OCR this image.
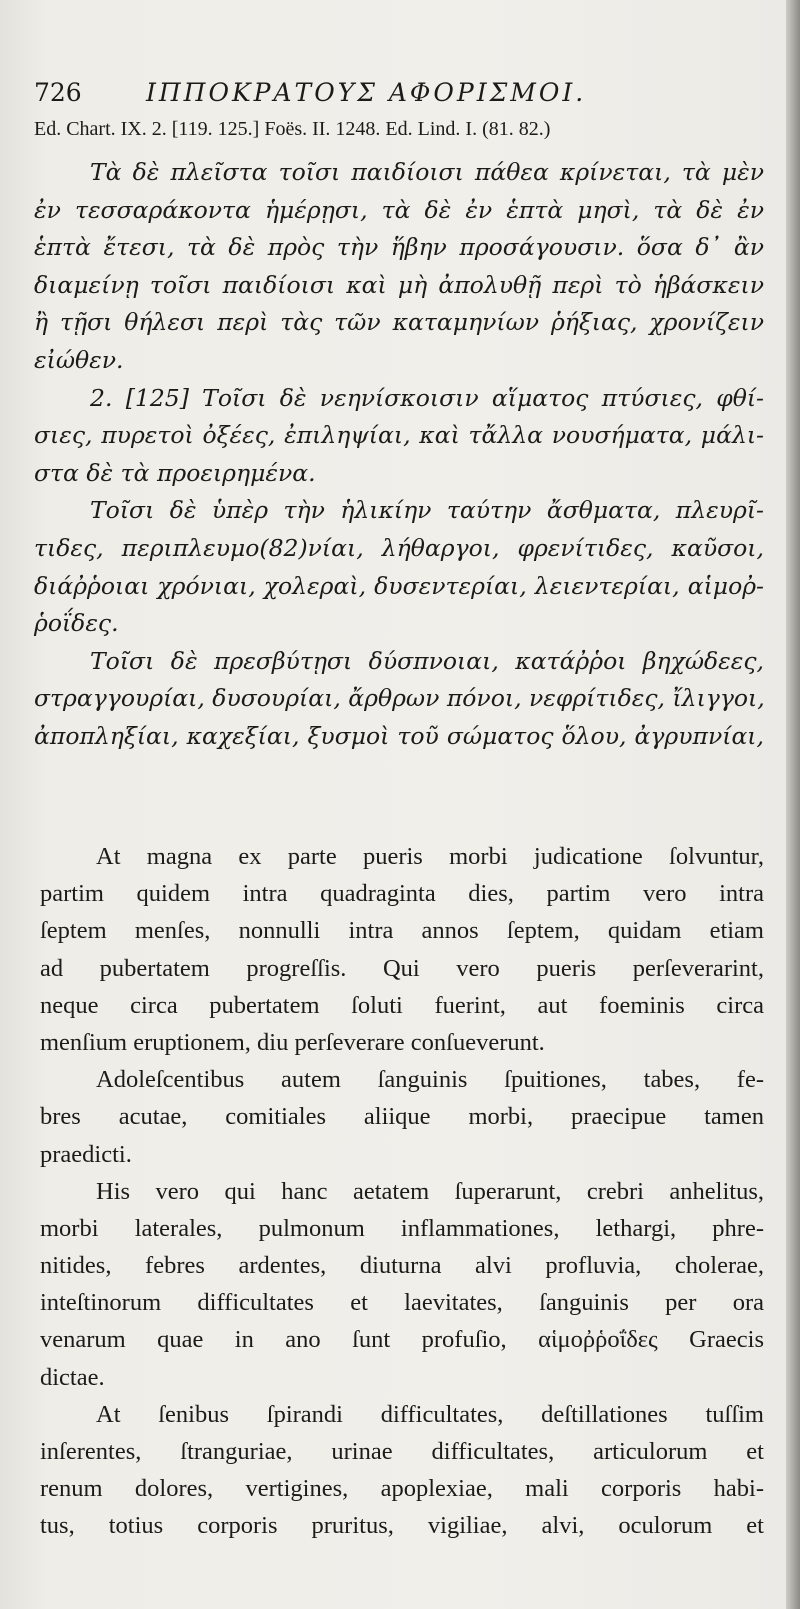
726	ΙΠΠΟΚΡΑΤΟΥΣ ΑΦΟΡΙΣΜΟΙ.
Ed. Chart. IX. 2. [119. 125.] Foës. II. 1248. Ed. Lind. I. (81. 82.)
Τὰ δὲ πλεῖστα τοῖσι παιδίοισι πάθεα κρίνεται, τὰ μὲν
ἐν τεσσαράκοντα ἡμέρῃσι, τὰ δὲ ἐν ἑπτὰ μησὶ, τὰ δὲ ἐν
ἑπτὰ ἔτεσι, τὰ δὲ πρὸς τὴν ἥβην προσάγουσιν. ὅσα δ᾽ ἂν
διαμείνῃ τοῖσι παιδίοισι καὶ μὴ ἀπολυθῇ περὶ τὸ ἡβάσκειν
ἢ τῇσι θήλεσι περὶ τὰς τῶν καταμηνίων ῥήξιας, χρονίζειν
εἰώθεν.
2. [125] Τοῖσι δὲ νεηνίσκοισιν αἵματος πτύσιες, φθί-
σιες, πυρετοὶ ὀξέες, ἐπιληψίαι, καὶ τἄλλα νουσήματα, μάλι-
στα δὲ τὰ προειρημένα.
Τοῖσι δὲ ὑπὲρ τὴν ἡλικίην ταύτην ἄσθματα, πλευρῖ-
τιδες, περιπλευμο(82)νίαι, λήθαργοι, φρενίτιδες, καῦσοι,
διάῤῥοιαι χρόνιαι, χολεραὶ, δυσεντερίαι, λειεντερίαι, αἱμοῤ-
ῥοΐδες.
Τοῖσι δὲ πρεσβύτῃσι δύσπνοιαι, κατάῤῥοι βηχώδεες,
στραγγουρίαι, δυσουρίαι, ἄρθρων πόνοι, νεφρίτιδες, ἴλιγγοι,
ἀποπληξίαι, καχεξίαι, ξυσμοὶ τοῦ σώματος ὅλου, ἀγρυπνίαι,
At magna ex parte pueris morbi judicatione ſolvuntur,
partim quidem intra quadraginta dies, partim vero intra
ſeptem menſes, nonnulli intra annos ſeptem, quidam etiam
ad pubertatem progreſſis. Qui vero pueris perſeverarint,
neque circa pubertatem ſoluti fuerint, aut foeminis circa
menſium eruptionem, diu perſeverare conſueverunt.
Adoleſcentibus autem ſanguinis ſpuitiones, tabes, fe-
bres acutae, comitiales aliique morbi, praecipue tamen
praedicti.
His vero qui hanc aetatem ſuperarunt, crebri anhelitus,
morbi laterales, pulmonum inflammationes, lethargi, phre-
nitides, febres ardentes, diuturna alvi profluvia, cholerae,
inteſtinorum difficultates et laevitates, ſanguinis per ora
venarum quae in ano ſunt profuſio, αἱμοῤῥοΐδες Graecis
dictae.
At ſenibus ſpirandi difficultates, deſtillationes tuſſim
inſerentes, ſtranguriae, urinae difficultates, articulorum et
renum dolores, vertigines, apoplexiae, mali corporis habi-
tus, totius corporis pruritus, vigiliae, alvi, oculorum et
